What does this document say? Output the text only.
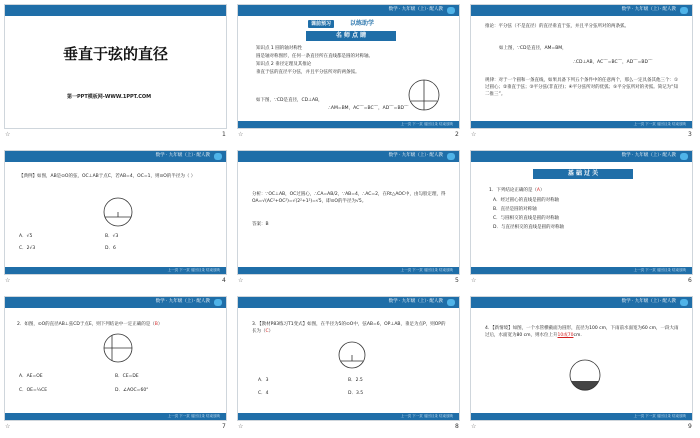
垂直于弦的直径
第一PPT模板网-WWW.1PPT.COM
☆	1
数学 · 九年级（上）· 配人教
课前预习	以练助学
名 师 点 睛
知识点 1 圆的轴对称性
圆是轴对称图形，任何一条直径所在直线都是圆的对称轴。
知识点 2 垂径定理及其推论
垂直于弦的直径平分弦，并且平分弦所对的两条弧。
如下图，∵CD是直径，CD⊥AB，
∴AM=BM，AC⌒=BC⌒，AD⌒=BD⌒
上一页 下一页 返回目录 结束放映
☆	2
数学 · 九年级（上）· 配人教
推论：平分弦（不是直径）的直径垂直于弦，并且平分弦所对的两条弧。
如上图，∵CD是直径，AM=BM，
∴CD⊥AB，AC⌒=BC⌒，AD⌒=BD⌒
规律：对于一个圆和一条直线，如果具备下列五个条件中的任意两个，那么一定具备其他三个：①过圆心；②垂直于弦；③平分弦(非直径)；④平分弦所对的优弧；⑤平分弦所对的劣弧。简记为“知二推三”。
上一页 下一页 返回目录 结束放映
☆	3
数学 · 九年级（上）· 配人教
【典例】如图，AB是⊙O的弦，OC⊥AB于点C，若AB=4，OC=1，则⊙O的半径为（ ）
A．√5	B．√3
C．2√3	D．6
上一页 下一页 返回目录 结束放映
☆	4
数学 · 九年级（上）· 配人教
分析：∵OC⊥AB，OC过圆心，∴CA=AB/2，∵AB=4，∴AC=2，在Rt△AOC中，由勾股定理，得OA=√(AC²+OC²)=√(2²+1²)=√5，即⊙O的半径为√5。
答案：B
上一页 下一页 返回目录 结束放映
☆	5
数学 · 九年级（上）· 配人教
基 础 过 关
1．下列结论正确的是（A）
A．经过圆心的直线是圆的对称轴
B．直径是圆的对称轴
C．与圆相交的直线是圆的对称轴
D．与直径相交的直线是圆的对称轴
上一页 下一页 返回目录 结束放映
☆	6
数学 · 九年级（上）· 配人教
2．如图，⊙O的直径AB⊥弦CD于点E，则下列结论中一定正确的是（B）
A．AE=OE	B．CE=DE
C．OE=½CE	D．∠AOC=60°
上一页 下一页 返回目录 结束放映
☆	7
数学 · 九年级（上）· 配人教
3．【教材P83练习T1变式】如图，在半径为5的⊙O中，弦AB=6，OP⊥AB，垂足为点P，则OP的长为（C）
A．3	B．2.5
C．4	D．3.5
上一页 下一页 返回目录 结束放映
☆	8
数学 · 九年级（上）· 配人教
4．【新情境】如图，一个水管横截面为圆形，直径为100 cm，下雨前水面宽为60 cm，一段大雨过后，水面宽为80 cm，则水位上升10或70cm.
上一页 下一页 返回目录 结束放映
☆	9
